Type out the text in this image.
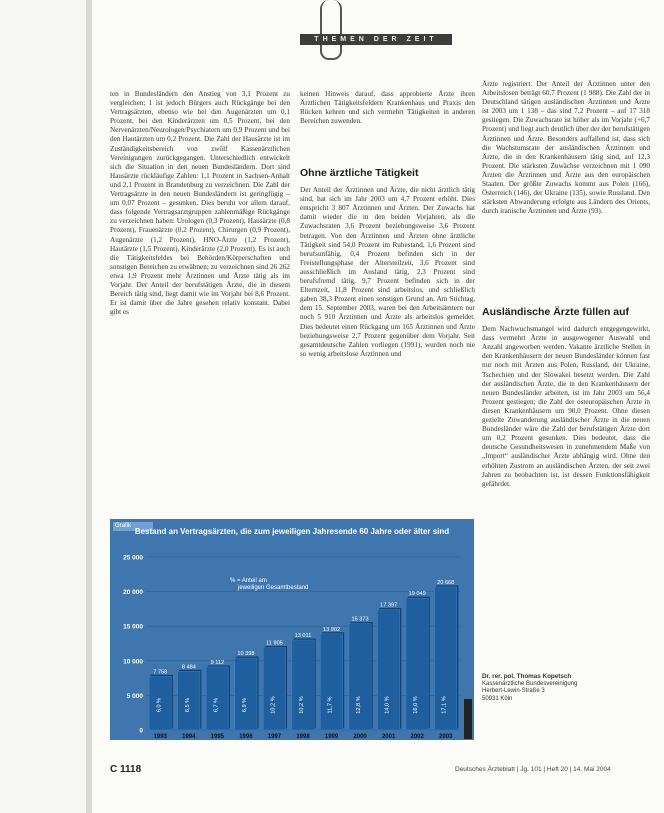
THEMEN DER ZEIT

ten in Bundesländern den Anstieg von 3,1 Prozent zu vergleichen; 1 ist jedoch Bürgers auch Rückgänge bei den Vertragsärzten, ebenso wie bei den Augenärzten um 0,1 Prozent, bei den Kinderärzten um 0,5 Prozent, bei den Nervenärzten/Neurologen/Psychiatern um 0,9 Prozent und bei den Hautärzten um 0,2 Prozent. Die Zahl der Hausärzte ist im Zuständigkeitsbereich von zwölf Kassenärztlichen Vereinigungen zurückgegangen. Unterschiedlich entwickelt sich die Situation in den neuen Bundesländern. Dort sind Hausärzte rückläufige Zahlen: 1,1 Prozent in Sachsen-Anhalt und 2,1 Prozent in Brandenburg zu verzeichnen. Die Zahl der Vertragsärzte in den neuen Bundesländern ist geringfügig – um 0,07 Prozent – gesunken. Dies beruht vor allem darauf, dass folgende Vertragsarztgruppen zahlenmäßige Rückgänge zu verzeichnen haben: Urologen (0,3 Prozent), Hausärzte (0,8 Prozent), Frauenärzte (0,2 Prozent), Chirurgen (0,9 Prozent), Augenärzte (1,2 Prozent), HNO-Ärzte (1,2 Prozent), Hautärzte (1,5 Prozent), Kinderärzte (2,0 Prozent). Es ist auch die Tätigkeitsfeldes bei Behörden/Körperschaften und sonstigen Bereichen zu erwähnen; zu verzeichnen sind 26 262 etwa 1,9 Prozent mehr Ärztinnen und Ärzte tätig als im Vorjahr. Der Anteil der berufstätigen Ärzte, die in diesem Bereich tätig sind, liegt damit wie im Vorjahr bei 8,6 Prozent. Er ist damit über die Jahre gesehen relativ konstant. Dabei gibt es

keinen Hinweis darauf, dass approbierte Ärzte ihren Ärztlichen Tätigkeitsfeldern Krankenhaus und Praxis den Rücken kehren und sich vermehrt Tätigkeiten in anderen Bereichen zuwenden.

Ohne ärztliche Tätigkeit

Der Anteil der Ärztinnen und Ärzte, die nicht ärztlich tätig sind, hat sich im Jahr 2003 um 4,7 Prozent erhöht. Dies entspricht 3 807 Ärztinnen und Ärzten. Der Zuwachs hat damit wieder die in den beiden Vorjahren, als die Zuwachsraten 3,6 Prozent beziehungsweise 3,6 Prozent betragen. Von den Ärztinnen und Ärzten ohne ärztliche Tätigkeit sind 54,0 Prozent im Ruhestand, 1,6 Prozent sind berufsunfähig, 0,4 Prozent befinden sich in der Freistellungsphase der Altersteilzeit, 3,6 Prozent sind ausschließlich im Ausland tätig, 2,3 Prozent sind berufsfremd tätig, 9,7 Prozent befinden sich in der Elternzeit, 11,8 Prozent sind arbeitslos, und schließlich gaben 38,3 Prozent einen sonstigen Grund an. Am Stichtag, dem 15. September 2003, waren bei den Arbeitsämtern nur noch 5 910 Ärztinnen und Ärzte als arbeitslos gemeldet. Dies bedeutet einen Rückgang um 165 Ärztinnen und Ärzte beziehungsweise 2,7 Prozent gegenüber dem Vorjahr. Seit gesamtdeutsche Zahlen vorliegen (1991), wurden noch nie so wenig arbeitslose Ärztinnen und

Ärzte registriert. Der Anteil der Ärztinnen unter den Arbeitslosen beträgt 60,7 Prozent (1 988). Die Zahl der in Deutschland tätigen ausländischen Ärztinnen und Ärzte ist 2003 um 1 138 – das sind 7,2 Prozent – auf 17 318 gestiegen. Die Zuwachsrate ist höher als im Vorjahr (+6,7 Prozent) und liegt auch deutlich über der der berufstätigen Ärztinnen und Ärzte. Besonders auffallend ist, dass sich die Wachstumsrate der ausländischen Ärztinnen und Ärzte, die in den Krankenhäusern tätig sind, auf 12,3 Prozent. Die stärksten Zuwächse verzeichnen mit 1 090 Ärzten die Ärztinnen und Ärzte aus den europäischen Staaten. Der größte Zuwachs kommt aus Polen (166), Österreich (146), der Ukraine (135), sowie Russland. Den stärksten Abwanderung erfolgte aus Ländern des Orients, durch iranische Ärztinnen und Ärzte (93).

Ausländische Ärzte füllen auf

Dem Nachwuchsmangel wird dadurch entgegengewirkt, dass vermehrt Ärzte in ausgewogener Auswahl und Anzahl angeworben werden. Vakante ärztliche Stellen in den Krankenhäusern der neuen Bundesländer können fast nur noch mit Ärzten aus Polen, Russland, der Ukraine, Tschechien und der Slowakei besetzt werden. Die Zahl der ausländischen Ärzte, die in den Krankenhäusern der neuen Bundesländer arbeiten, ist im Jahr 2003 um 56,4 Prozent gestiegen; die Zahl der osteuropäischen Ärzte in diesen Krankenhäusern um 90,0 Prozent. Ohne diesen gezielte Zuwanderung ausländischer Ärzte in die neuen Bundesländer wäre die Zahl der berufstätigen Ärzte dort um 0,2 Prozent gesunken. Dies bedeutet, dass die deutsche Gesundheitswesen in zunehmendem Maße von „Import“ ausländischer Ärzte abhängig wird. Ohne den erhöhten Zustrom an ausländischen Ärzten, der seit zwei Jahren zu beobachten ist, ist dessen Funktionsfähigkeit gefährdet.

Dr. rer. pol. Thomas Kopetsch
Kassenärztliche Bundesvereinigung
Herbert-Lewin-Straße 3
50931 Köln
Grafik
Bestand an Vertragsärzten, die zum jeweiligen Jahresende 60 Jahre oder älter sind
25 000
20 000
15 000
10 000
5 000
0
% = Anteil am jeweiligen Gesamtbestand
7 758
6,0 %
1993
8 484
6,5 %
1994
9 112
6,7 %
1995
10 398
6,9 %
1996
11 905
10,2 %
1997
13 011
10,2 %
1998
13 902
11,7 %
1999
15 373
12,8 %
2000
17 397
14,0 %
2001
19 049
16,0 %
2002
20 668
17,1 %
2003
C 1118	Deutsches Ärzteblatt | Jg. 101 | Heft 20 | 14. Mai 2004
